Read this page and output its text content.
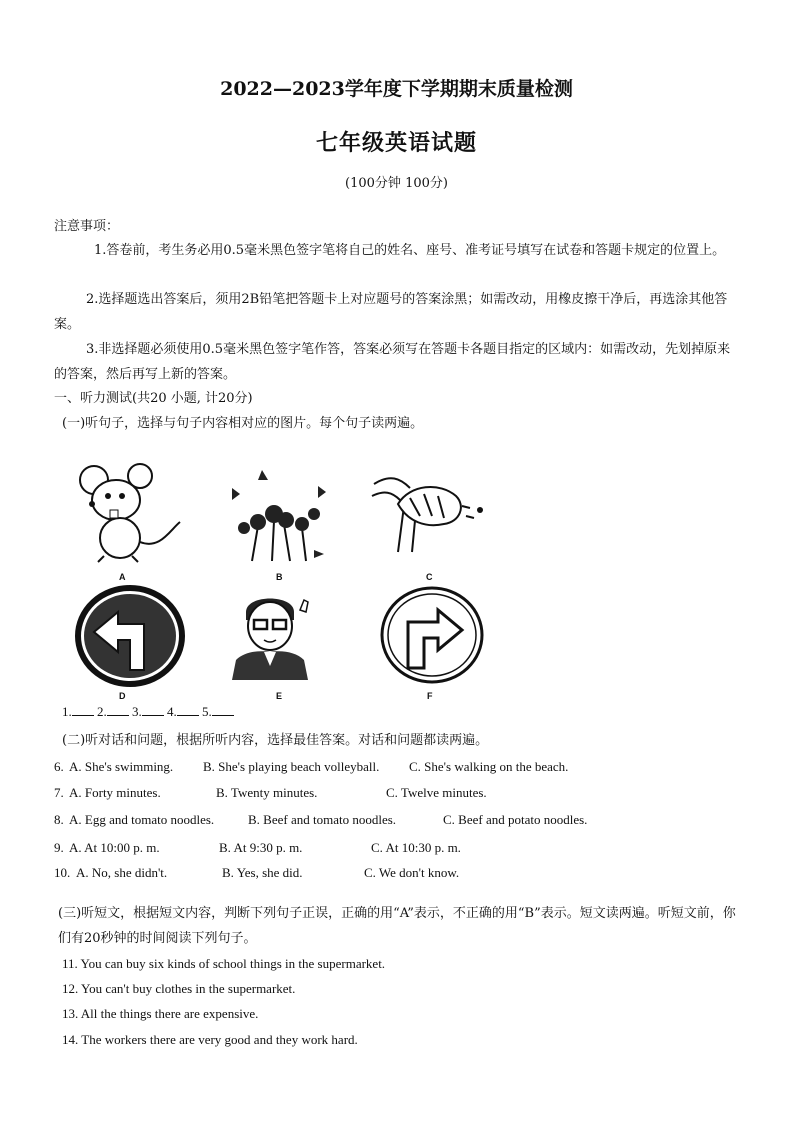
2022—2023学年度下学期期末质量检测
七年级英语试题
(100分钟 100分)
注意事项：
1.答卷前，考生务必用0.5毫米黑色签字笔将自己的姓名、座号、准考证号填写在试卷和答题卡规定的位置上。
2.选择题选出答案后，须用2B铅笔把答题卡上对应题号的答案涂黑；如需改动，用橡皮擦干净后，再选涂其他答案。
3.非选择题必须使用0.5毫米黑色签字笔作答，答案必须写在答题卡各题目指定的区域内：如需改动，先划掉原来的答案，然后再写上新的答案。
一、听力测试(共20 小题, 计20分)
(一)听句子，选择与句子内容相对应的图片。每个句子读两遍。
A	B	C
D	E	F
1. 2. 3. 4. 5.
(二)听对话和问题，根据所听内容，选择最佳答案。对话和问题都读两遍。
6. A. She's swimming. B. She's playing beach volleyball. C. She's walking on the beach.
7. A. Forty minutes.	B. Twenty minutes.	C. Twelve minutes.
8. A. Egg and tomato noodles.	B. Beef and tomato noodles.	C. Beef and potato noodles.
9. A. At 10:00 p. m.	B. At 9:30 p. m.	C. At 10:30 p. m.
10. A. No, she didn't.	B. Yes, she did.	C. We don't know.
(三)听短文，根据短文内容，判断下列句子正误，正确的用“A”表示，不正确的用“B”表示。短文读两遍。听短文前，你们有20秒钟的时间阅读下列句子。
11. You can buy six kinds of school things in the supermarket.
12. You can't buy clothes in the supermarket.
13. All the things there are expensive.
14. The workers there are very good and they work hard.
